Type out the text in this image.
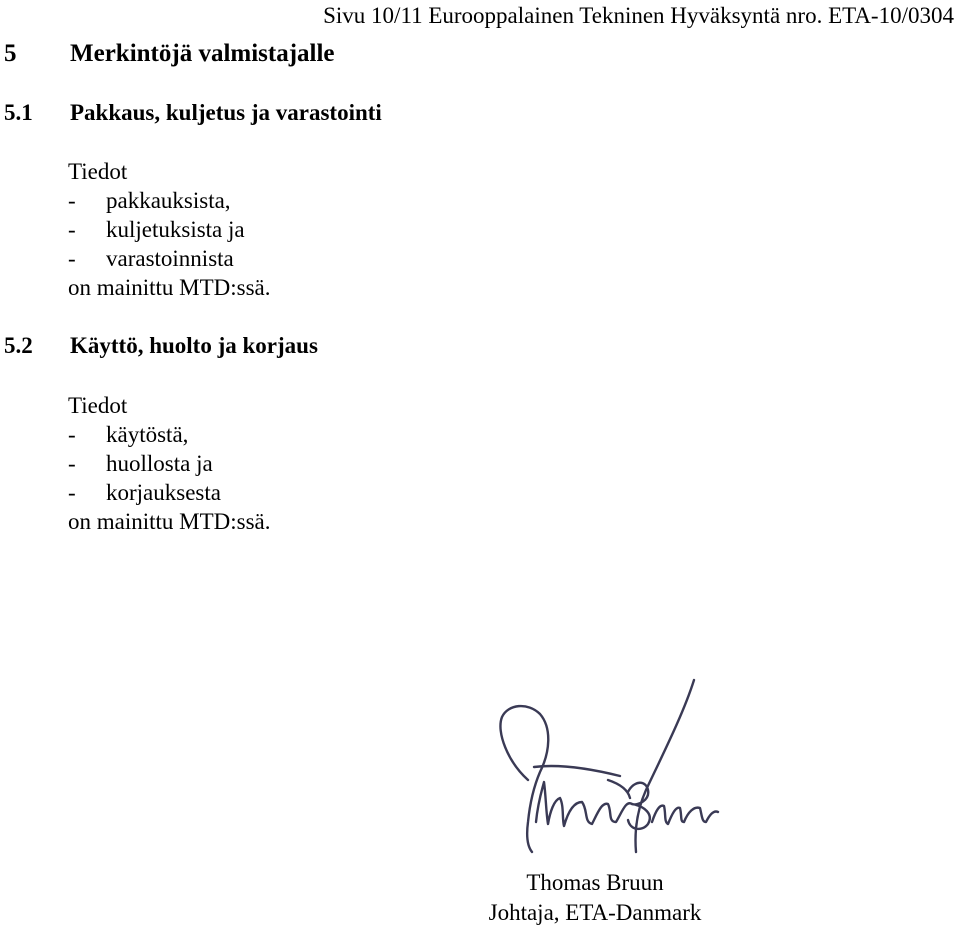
Sivu 10/11 Eurooppalainen Tekninen Hyväksyntä nro. ETA-10/0304
5 Merkintöjä valmistajalle
5.1 Pakkaus, kuljetus ja varastointi
Tiedot
- pakkauksista,
- kuljetuksista ja
- varastoinnista
on mainittu MTD:ssä.
5.2 Käyttö, huolto ja korjaus
Tiedot
- käytöstä,
- huollosta ja
- korjauksesta
on mainittu MTD:ssä.
Thomas Bruun
Johtaja, ETA-Danmark
